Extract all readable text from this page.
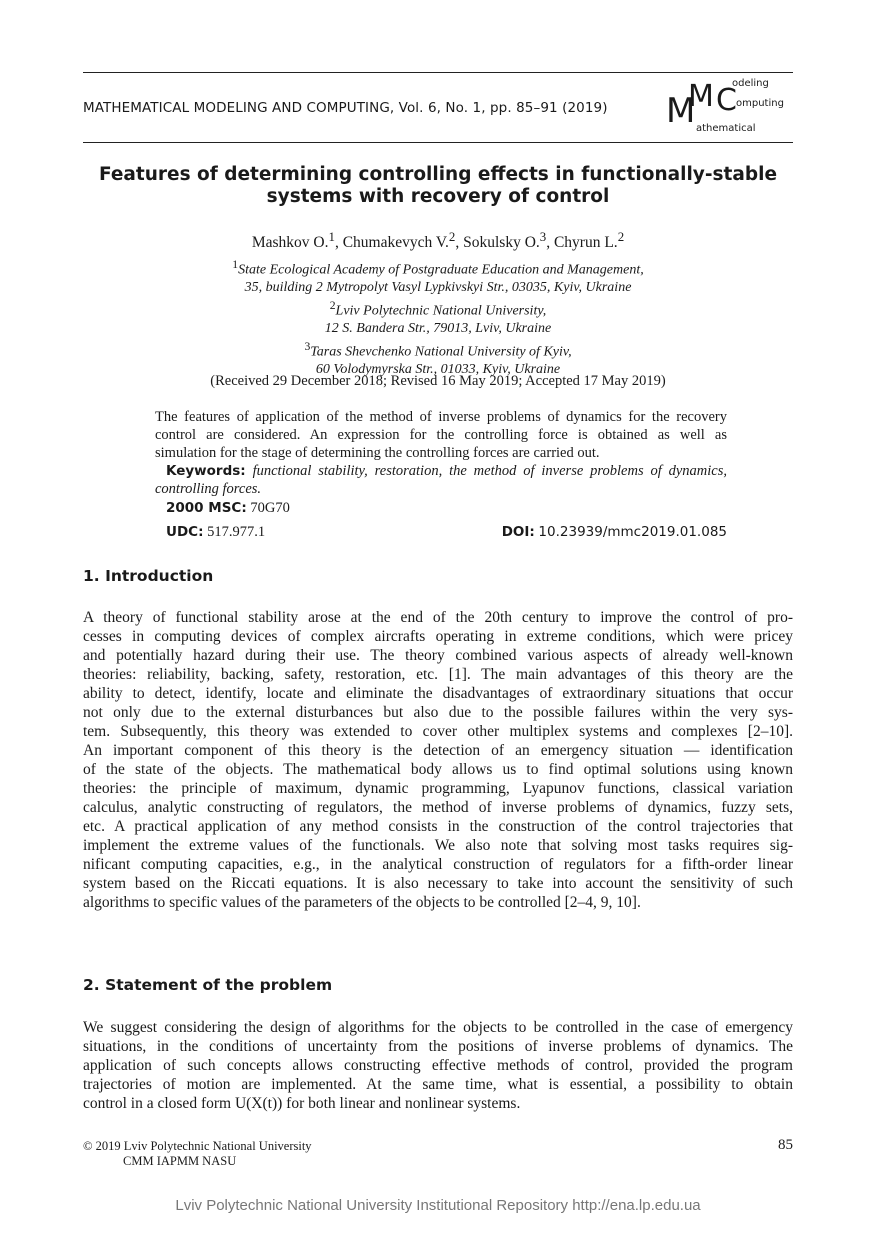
MATHEMATICAL MODELING AND COMPUTING, Vol. 6, No. 1, pp. 85–91 (2019) M
M C
odeling
omputing
athematical
Features of determining controlling effects in functionally-stable
systems with recovery of control
Mashkov O.$^1$, Chumakevych V.$^2$, Sokulsky O.$^3$, Chyrun L.$^2$
$^1$State Ecological Academy of Postgraduate Education and Management,
35, building 2 Mytropolyt Vasyl Lypkivskyi Str., 03035, Kyiv, Ukraine
$^2$Lviv Polytechnic National University,
12 S. Bandera Str., 79013, Lviv, Ukraine
$^3$Taras Shevchenko National University of Kyiv,
60 Volodymyrska Str., 01033, Kyiv, Ukraine
(Received 29 December 2018; Revised 16 May 2019; Accepted 17 May 2019)
The features of application of the method of inverse problems of dynamics for the recovery
control are considered. An expression for the controlling force is obtained as well as
simulation for the stage of determining the controlling forces are carried out.
Keywords: functional stability, restoration, the method of inverse problems of dynamics,
controlling forces.
2000 MSC: 70G70
UDC: 517.977.1	DOI: 10.23939/mmc2019.01.085
1. Introduction
A theory of functional stability arose at the end of the 20th century to improve the control of pro-
cesses in computing devices of complex aircrafts operating in extreme conditions, which were pricey
and potentially hazard during their use. The theory combined various aspects of already well-known
theories: reliability, backing, safety, restoration, etc. [1]. The main advantages of this theory are the
ability to detect, identify, locate and eliminate the disadvantages of extraordinary situations that occur
not only due to the external disturbances but also due to the possible failures within the very sys-
tem. Subsequently, this theory was extended to cover other multiplex systems and complexes [2–10].
An important component of this theory is the detection of an emergency situation — identification
of the state of the objects. The mathematical body allows us to find optimal solutions using known
theories: the principle of maximum, dynamic programming, Lyapunov functions, classical variation
calculus, analytic constructing of regulators, the method of inverse problems of dynamics, fuzzy sets,
etc. A practical application of any method consists in the construction of the control trajectories that
implement the extreme values of the functionals. We also note that solving most tasks requires sig-
nificant computing capacities, e.g., in the analytical construction of regulators for a fifth-order linear
system based on the Riccati equations. It is also necessary to take into account the sensitivity of such
algorithms to specific values of the parameters of the objects to be controlled [2–4, 9, 10].
2. Statement of the problem
We suggest considering the design of algorithms for the objects to be controlled in the case of emergency
situations, in the conditions of uncertainty from the positions of inverse problems of dynamics. The
application of such concepts allows constructing effective methods of control, provided the program
trajectories of motion are implemented. At the same time, what is essential, a possibility to obtain
control in a closed form U(X(t)) for both linear and nonlinear systems.
© 2019 Lviv Polytechnic National University
CMM IAPMM NASU
85
Lviv Polytechnic National University Institutional Repository http://ena.lp.edu.ua
